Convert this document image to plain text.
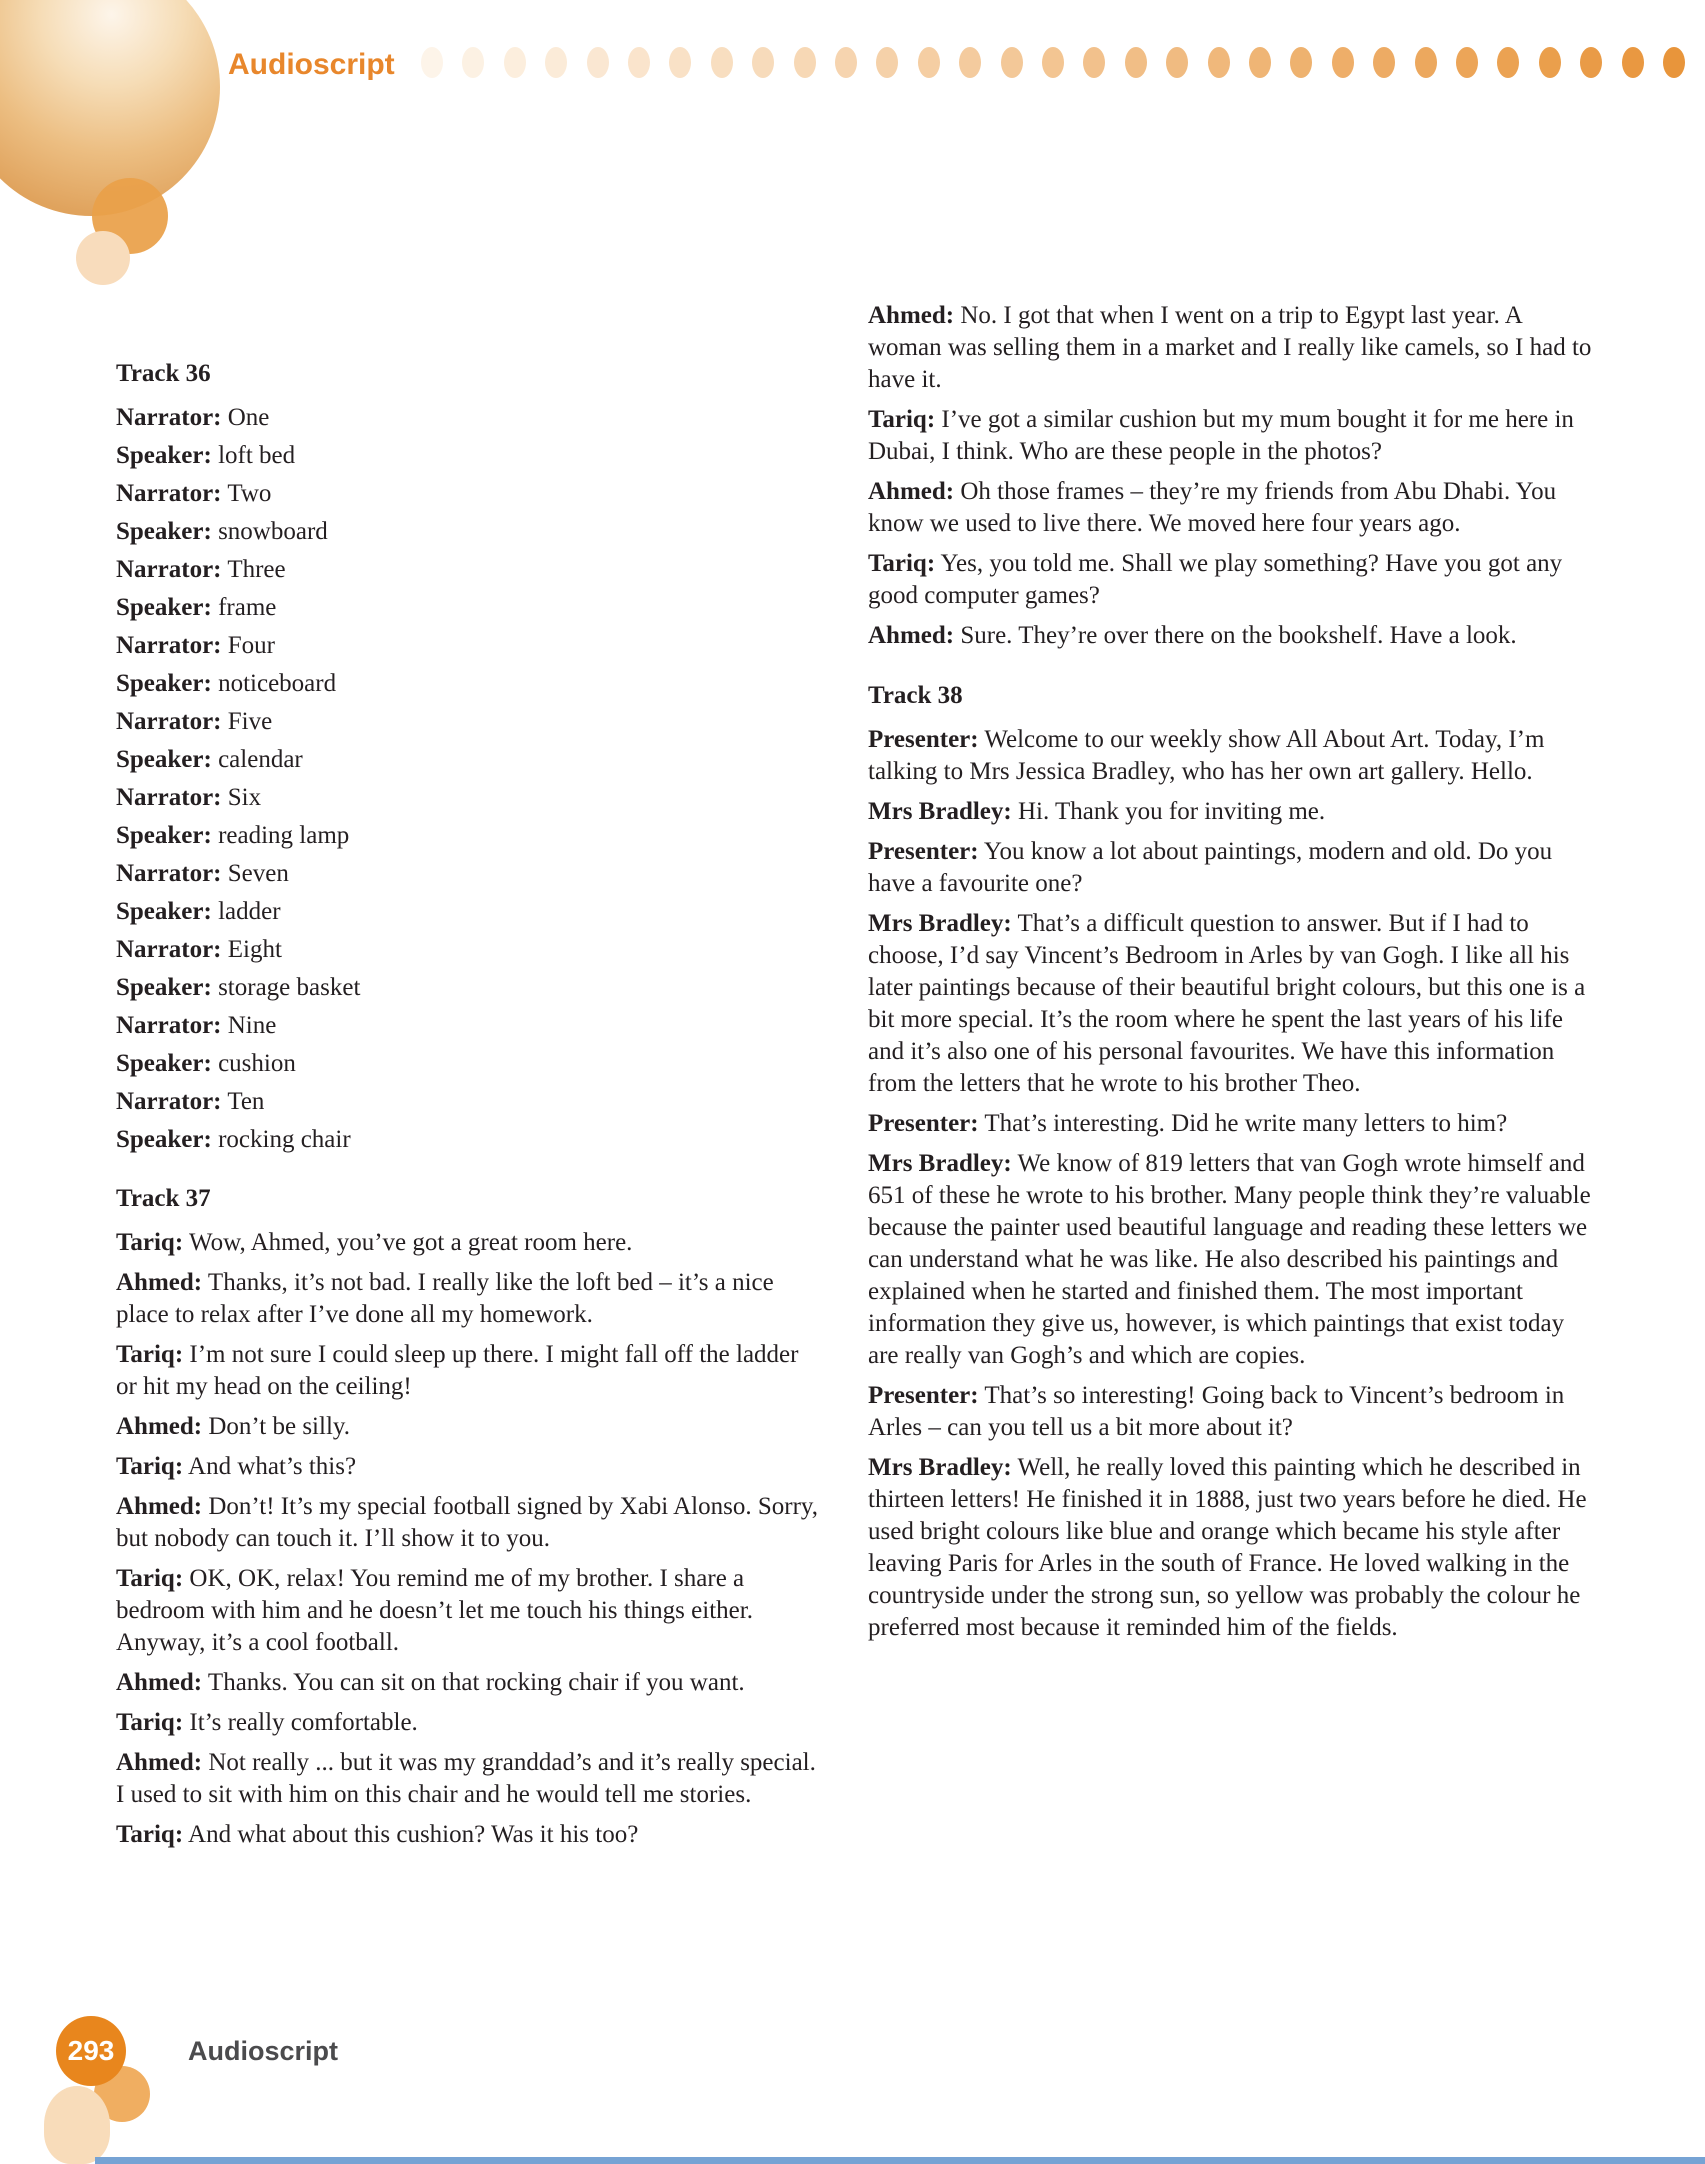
Audioscript
Track 36

Narrator: One

Speaker: loft bed

Narrator: Two

Speaker: snowboard

Narrator: Three

Speaker: frame

Narrator: Four

Speaker: noticeboard

Narrator: Five

Speaker: calendar

Narrator: Six

Speaker: reading lamp

Narrator: Seven

Speaker: ladder

Narrator: Eight

Speaker: storage basket

Narrator: Nine

Speaker: cushion

Narrator: Ten

Speaker: rocking chair

Track 37

Tariq: Wow, Ahmed, you’ve got a great room here.

Ahmed: Thanks, it’s not bad. I really like the loft bed – it’s a nice place to relax after I’ve done all my homework.

Tariq: I’m not sure I could sleep up there. I might fall off the ladder or hit my head on the ceiling!

Ahmed: Don’t be silly.

Tariq: And what’s this?

Ahmed: Don’t! It’s my special football signed by Xabi Alonso. Sorry, but nobody can touch it. I’ll show it to you.

Tariq: OK, OK, relax! You remind me of my brother. I share a bedroom with him and he doesn’t let me touch his things either. Anyway, it’s a cool football.

Ahmed: Thanks. You can sit on that rocking chair if you want.

Tariq: It’s really comfortable.

Ahmed: Not really ... but it was my granddad’s and it’s really special. I used to sit with him on this chair and he would tell me stories.

Tariq: And what about this cushion? Was it his too?

Ahmed: No. I got that when I went on a trip to Egypt last year. A woman was selling them in a market and I really like camels, so I had to have it.

Tariq: I’ve got a similar cushion but my mum bought it for me here in Dubai, I think. Who are these people in the photos?

Ahmed: Oh those frames – they’re my friends from Abu Dhabi. You know we used to live there. We moved here four years ago.

Tariq: Yes, you told me. Shall we play something? Have you got any good computer games?

Ahmed: Sure. They’re over there on the bookshelf. Have a look.

Track 38

Presenter: Welcome to our weekly show All About Art. Today, I’m talking to Mrs Jessica Bradley, who has her own art gallery. Hello.

Mrs Bradley: Hi. Thank you for inviting me.

Presenter: You know a lot about paintings, modern and old. Do you have a favourite one?

Mrs Bradley: That’s a difficult question to answer. But if I had to choose, I’d say Vincent’s Bedroom in Arles by van Gogh. I like all his later paintings because of their beautiful bright colours, but this one is a bit more special. It’s the room where he spent the last years of his life and it’s also one of his personal favourites. We have this information from the letters that he wrote to his brother Theo.

Presenter: That’s interesting. Did he write many letters to him?

Mrs Bradley: We know of 819 letters that van Gogh wrote himself and 651 of these he wrote to his brother. Many people think they’re valuable because the painter used beautiful language and reading these letters we can understand what he was like. He also described his paintings and explained when he started and finished them. The most important information they give us, however, is which paintings that exist today are really van Gogh’s and which are copies.

Presenter: That’s so interesting! Going back to Vincent’s bedroom in Arles – can you tell us a bit more about it?

Mrs Bradley: Well, he really loved this painting which he described in thirteen letters! He finished it in 1888, just two years before he died. He used bright colours like blue and orange which became his style after leaving Paris for Arles in the south of France. He loved walking in the countryside under the strong sun, so yellow was probably the colour he preferred most because it reminded him of the fields.

293	Audioscript
